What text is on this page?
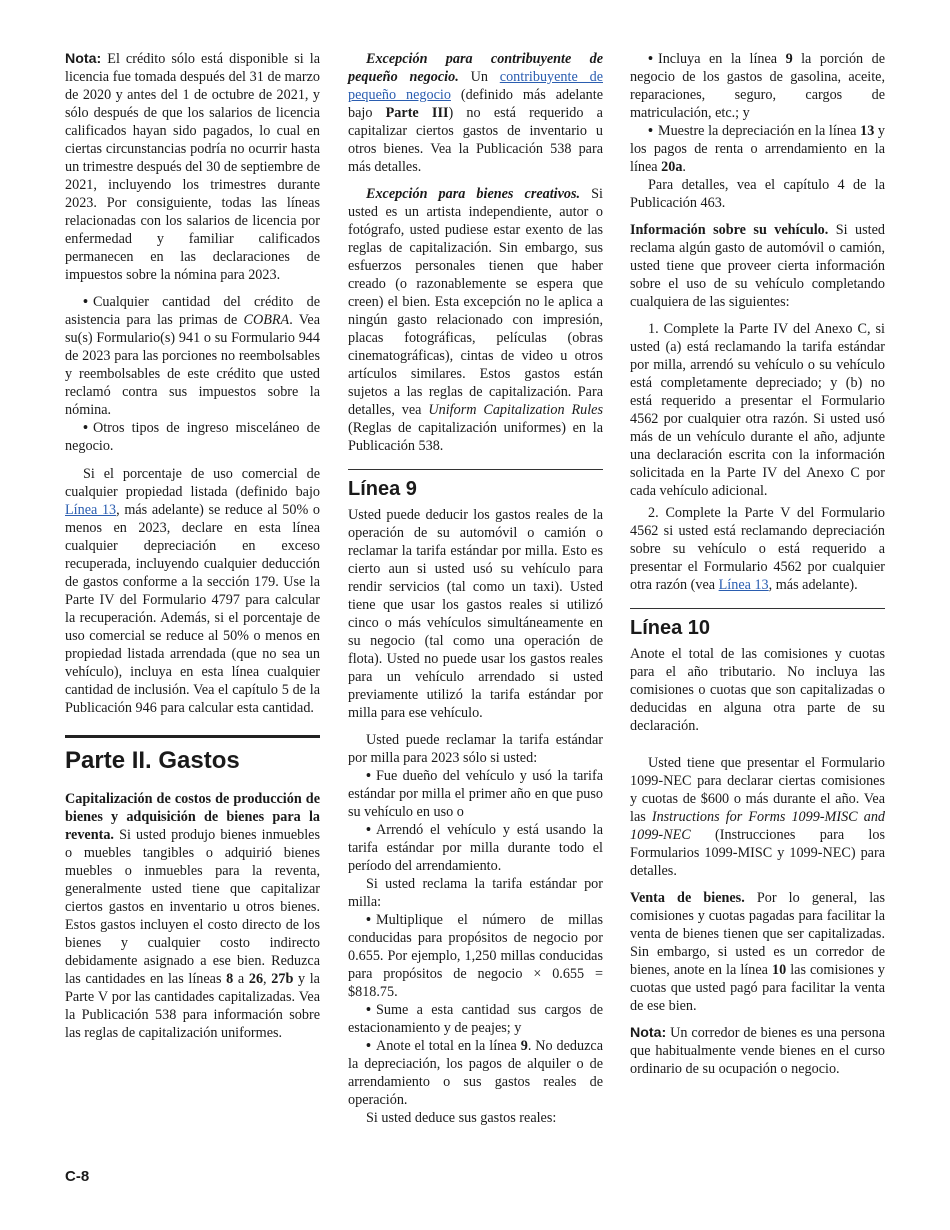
Nota: El crédito sólo está disponible si la licencia fue tomada después del 31 de marzo de 2020 y antes del 1 de octubre de 2021, y sólo después de que los salarios de licencia calificados hayan sido pagados, lo cual en ciertas circunstancias podría no ocurrir hasta un trimestre después del 30 de septiembre de 2021, incluyendo los trimestres durante 2023. Por consiguiente, todas las líneas relacionadas con los salarios de licencia por enfermedad y familiar calificados permanecen en las declaraciones de impuestos sobre la nómina para 2023.

• Cualquier cantidad del crédito de asistencia para las primas de COBRA. Vea su(s) Formulario(s) 941 o su Formulario 944 de 2023 para las porciones no reembolsables y reembolsables de este crédito que usted reclamó contra sus impuestos sobre la nómina.

• Otros tipos de ingreso misceláneo de negocio.

Si el porcentaje de uso comercial de cualquier propiedad listada (definido bajo Línea 13, más adelante) se reduce al 50% o menos en 2023, declare en esta línea cualquier depreciación en exceso recuperada, incluyendo cualquier deducción de gastos conforme a la sección 179. Use la Parte IV del Formulario 4797 para calcular la recuperación. Además, si el porcentaje de uso comercial se reduce al 50% o menos en propiedad listada arrendada (que no sea un vehículo), incluya en esta línea cualquier cantidad de inclusión. Vea el capítulo 5 de la Publicación 946 para calcular esta cantidad.

Parte II. Gastos

Capitalización de costos de producción de bienes y adquisición de bienes para la reventa. Si usted produjo bienes inmuebles o muebles tangibles o adquirió bienes muebles o inmuebles para la reventa, generalmente usted tiene que capitalizar ciertos gastos en inventario u otros bienes. Estos gastos incluyen el costo directo de los bienes y cualquier costo indirecto debidamente asignado a ese bien. Reduzca las cantidades en las líneas 8 a 26, 27b y la Parte V por las cantidades capitalizadas. Vea la Publicación 538 para información sobre las reglas de capitalización uniformes.

Excepción para contribuyente de pequeño negocio. Un contribuyente de pequeño negocio (definido más adelante bajo Parte III) no está requerido a capitalizar ciertos gastos de inventario u otros bienes. Vea la Publicación 538 para más detalles.

Excepción para bienes creativos. Si usted es un artista independiente, autor o fotógrafo, usted pudiese estar exento de las reglas de capitalización. Sin embargo, sus esfuerzos personales tienen que haber creado (o razonablemente se espera que creen) el bien. Esta excepción no le aplica a ningún gasto relacionado con impresión, placas fotográficas, películas (obras cinematográficas), cintas de video u otros artículos similares. Estos gastos están sujetos a las reglas de capitalización. Para detalles, vea Uniform Capitalization Rules (Reglas de capitalización uniformes) en la Publicación 538.

Línea 9

Usted puede deducir los gastos reales de la operación de su automóvil o camión o reclamar la tarifa estándar por milla. Esto es cierto aun si usted usó su vehículo para rendir servicios (tal como un taxi). Usted tiene que usar los gastos reales si utilizó cinco o más vehículos simultáneamente en su negocio (tal como una operación de flota). Usted no puede usar los gastos reales para un vehículo arrendado si usted previamente utilizó la tarifa estándar por milla para ese vehículo.

Usted puede reclamar la tarifa estándar por milla para 2023 sólo si usted:

• Fue dueño del vehículo y usó la tarifa estándar por milla el primer año en que puso su vehículo en uso o

• Arrendó el vehículo y está usando la tarifa estándar por milla durante todo el período del arrendamiento.

Si usted reclama la tarifa estándar por milla:

• Multiplique el número de millas conducidas para propósitos de negocio por 0.655. Por ejemplo, 1,250 millas conducidas para propósitos de negocio × 0.655 = $818.75.

• Sume a esta cantidad sus cargos de estacionamiento y de peajes; y

• Anote el total en la línea 9. No deduzca la depreciación, los pagos de alquiler o de arrendamiento o sus gastos reales de operación.

Si usted deduce sus gastos reales:

• Incluya en la línea 9 la porción de negocio de los gastos de gasolina, aceite, reparaciones, seguro, cargos de matriculación, etc.; y

• Muestre la depreciación en la línea 13 y los pagos de renta o arrendamiento en la línea 20a.

Para detalles, vea el capítulo 4 de la Publicación 463.

Información sobre su vehículo. Si usted reclama algún gasto de automóvil o camión, usted tiene que proveer cierta información sobre el uso de su vehículo completando cualquiera de las siguientes:

1. Complete la Parte IV del Anexo C, si usted (a) está reclamando la tarifa estándar por milla, arrendó su vehículo o su vehículo está completamente depreciado; y (b) no está requerido a presentar el Formulario 4562 por cualquier otra razón. Si usted usó más de un vehículo durante el año, adjunte una declaración escrita con la información solicitada en la Parte IV del Anexo C por cada vehículo adicional.

2. Complete la Parte V del Formulario 4562 si usted está reclamando depreciación sobre su vehículo o está requerido a presentar el Formulario 4562 por cualquier otra razón (vea Línea 13, más adelante).

Línea 10

Anote el total de las comisiones y cuotas para el año tributario. No incluya las comisiones o cuotas que son capitalizadas o deducidas en alguna otra parte de su declaración.

Usted tiene que presentar el Formulario 1099-NEC para declarar ciertas comisiones y cuotas de $600 o más durante el año. Vea las Instructions for Forms 1099-MISC and 1099-NEC (Instrucciones para los Formularios 1099-MISC y 1099-NEC) para detalles.

Venta de bienes. Por lo general, las comisiones y cuotas pagadas para facilitar la venta de bienes tienen que ser capitalizadas. Sin embargo, si usted es un corredor de bienes, anote en la línea 10 las comisiones y cuotas que usted pagó para facilitar la venta de ese bien.

Nota: Un corredor de bienes es una persona que habitualmente vende bienes en el curso ordinario de su ocupación o negocio.

C-8
